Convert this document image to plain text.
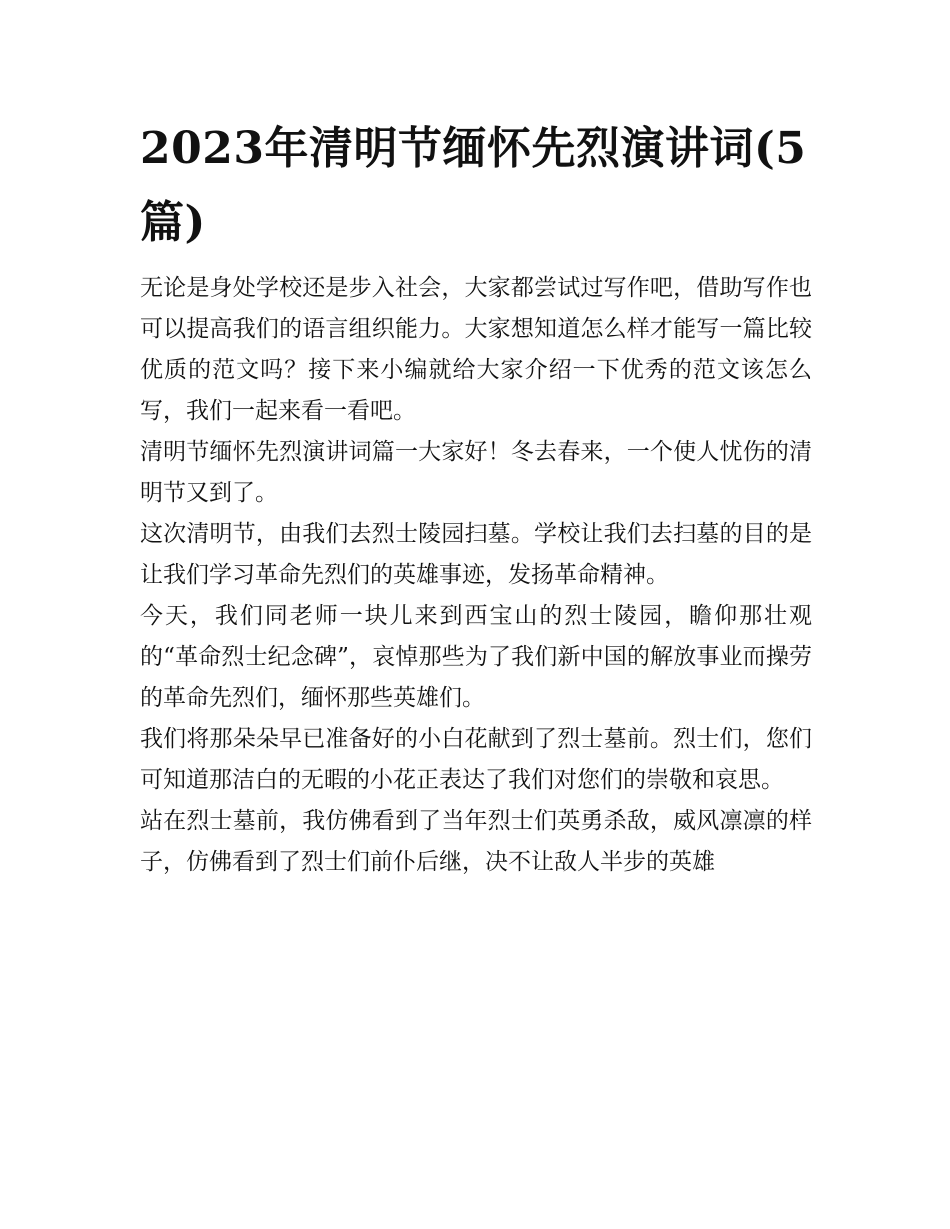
2023年清明节缅怀先烈演讲词(5篇)

无论是身处学校还是步入社会，大家都尝试过写作吧，借助写作也可以提高我们的语言组织能力。大家想知道怎么样才能写一篇比较优质的范文吗？接下来小编就给大家介绍一下优秀的范文该怎么写，我们一起来看一看吧。

清明节缅怀先烈演讲词篇一大家好！冬去春来，一个使人忧伤的清明节又到了。

这次清明节，由我们去烈士陵园扫墓。学校让我们去扫墓的目的是让我们学习革命先烈们的英雄事迹，发扬革命精神。

今天，我们同老师一块儿来到西宝山的烈士陵园，瞻仰那壮观的“革命烈士纪念碑”，哀悼那些为了我们新中国的解放事业而操劳的革命先烈们，缅怀那些英雄们。

我们将那朵朵早已准备好的小白花献到了烈士墓前。烈士们，您们可知道那洁白的无暇的小花正表达了我们对您们的崇敬和哀思。

站在烈士墓前，我仿佛看到了当年烈士们英勇杀敌，威风凛凛的样子，仿佛看到了烈士们前仆后继，决不让敌人半步的英雄
